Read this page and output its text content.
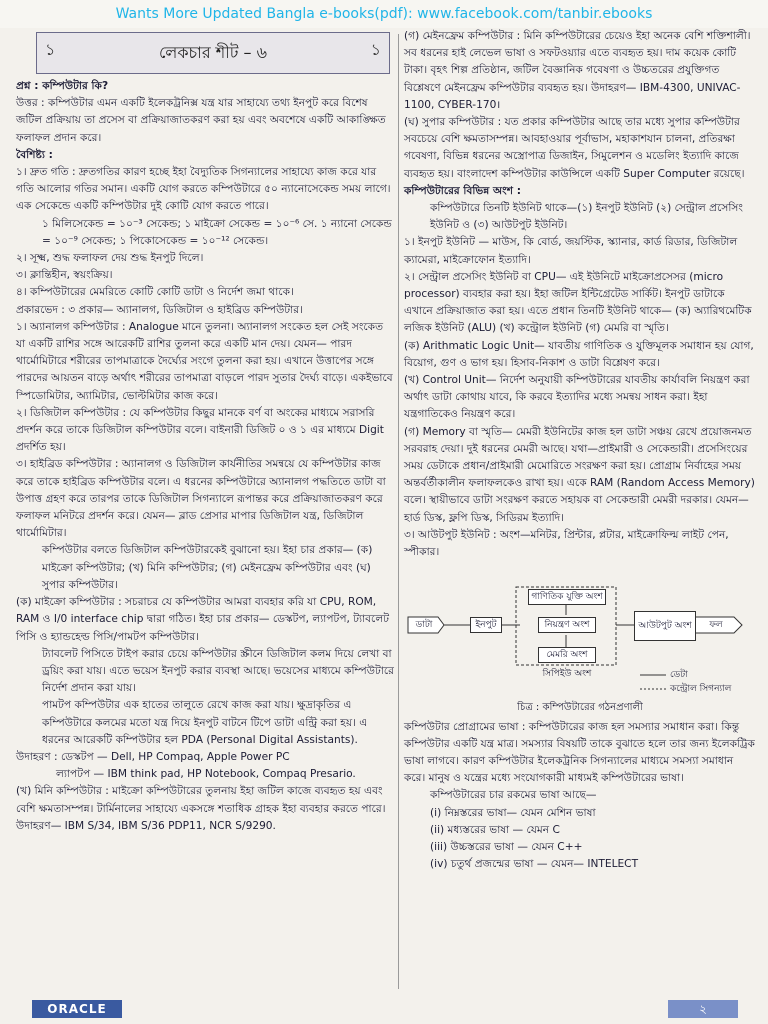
Wants More Updated Bangla e-books(pdf): www.facebook.com/tanbir.ebooks
১	লেকচার শীট – ৬	১

প্রশ্ন : কম্পিউটার কি?

উত্তর : কম্পিউটার এমন একটি ইলেকট্রনিক্স যন্ত্র যার সাহায্যে তথ্য ইনপুট করে বিশেষ জটিল প্রক্রিয়ায় তা প্রসেস বা প্রক্রিয়াজাতকরণ করা হয় এবং অবশেষে একটি আকাঙ্ক্ষিত ফলাফল প্রদান করে।

বৈশিষ্ট্য :

১। দ্রুত গতি : দ্রুতগতির কারণ হচ্ছে ইহা বৈদ্যুতিক সিগন্যালের সাহায্যে কাজ করে যার গতি আলোর গতির সমান। একটি যোগ করতে কম্পিউটারে ৫০ ন্যানোসেকেন্ড সময় লাগে। এক সেকেন্ডে একটি কম্পিউটার দুই কোটি যোগ করতে পারে।

১ মিলিসেকেন্ড = ১০⁻³ সেকেন্ড; ১ মাইক্রো সেকেন্ড = ১০⁻⁶ সে. ১ ন্যানো সেকেন্ড = ১০⁻⁹ সেকেন্ড; ১ পিকোসেকেন্ড = ১০⁻¹² সেকেন্ড।

২। সূক্ষ্ম, শুদ্ধ ফলাফল দেয় শুদ্ধ ইনপুট দিলে।

৩। ক্লান্তিহীন, স্বয়ংক্রিয়।

৪। কম্পিউটারের মেমরিতে কোটি কোটি ডাটা ও নির্দেশ জমা থাকে।

প্রকারভেদ : ৩ প্রকার— অ্যানালগ, ডিজিটাল ও হাইব্রিড কম্পিউটার।

১। অ্যানালগ কম্পিউটার : Analogue মানে তুলনা। অ্যানালগ সংকেত হল সেই সংকেত যা একটি রাশির সঙ্গে আরেকটি রাশির তুলনা করে একটি মান দেয়। যেমন— পারদ থার্মোমিটারে শরীরের তাপমাত্রাকে দৈর্ঘ্যের সংগে তুলনা করা হয়। এখানে উত্তাপের সঙ্গে পারদের আয়তন বাড়ে অর্থাৎ শরীরের তাপমাত্রা বাড়লে পারদ সুতার দৈর্ঘ্য বাড়ে। একইভাবে স্পিডোমিটার, অ্যামিটার, ভোল্টমিটার কাজ করে।

২। ডিজিটাল কম্পিউটার : যে কম্পিউটার কিছুর মানকে বর্ণ বা অংকের মাধ্যমে সরাসরি প্রদর্শন করে তাকে ডিজিটাল কম্পিউটার বলে। বাইনারী ডিজিট ০ ও ১ এর মাধ্যমে Digit প্রদর্শিত হয়।

৩। হাইব্রিড কম্পিউটার : অ্যানালগ ও ডিজিটাল কার্যনীতির সমন্বয়ে যে কম্পিউটার কাজ করে তাকে হাইব্রিড কম্পিউটার বলে। এ ধরনের কম্পিউটারে অ্যানালগ পদ্ধতিতে ডাটা বা উপাত্ত গ্রহণ করে তারপর তাকে ডিজিটাল সিগন্যালে রূপান্তর করে প্রক্রিয়াজাতকরণ করে ফলাফল মনিটরে প্রদর্শন করে। যেমন— ব্লাড প্রেসার মাপার ডিজিটাল যন্ত্র, ডিজিটাল থার্মোমিটার।

কম্পিউটার বলতে ডিজিটাল কম্পিউটারকেই বুঝানো হয়। ইহা চার প্রকার— (ক) মাইক্রো কম্পিউটার; (খ) মিনি কম্পিউটার; (গ) মেইনফ্রেম কম্পিউটার এবং (ঘ) সুপার কম্পিউটার।

(ক) মাইক্রো কম্পিউটার : সচরাচর যে কম্পিউটার আমরা ব্যবহার করি যা CPU, ROM, RAM ও I/0 interface chip দ্বারা গঠিত। ইহা চার প্রকার— ডেস্কটপ, ল্যাপটপ, ট্যাবলেট পিসি ও হ্যান্ডহেল্ড পিসি/পামটপ কম্পিউটার।

ট্যাবলেট পিসিতে টাইপ করার চেয়ে কম্পিউটার স্ক্রীনে ডিজিটাল কলম দিয়ে লেখা বা ড্রয়িং করা যায়। এতে ভয়েস ইনপুট করার ব্যবস্থা আছে। ভয়েসের মাধ্যমে কম্পিউটারে নির্দেশ প্রদান করা যায়।

পামটপ কম্পিউটার এক হাতের তালুতে রেখে কাজ করা যায়। ক্ষুদ্রাকৃতির এ কম্পিউটারে কলমের মতো যন্ত্র দিয়ে ইনপুট বাটনে টিপে ডাটা এন্ট্রি করা হয়। এ ধরনের আরেকটি কম্পিউটার হল PDA (Personal Digital Assistants).

উদাহরণ : ডেস্কটপ — Dell, HP Compaq, Apple Power PC

ল্যাপটপ — IBM think pad, HP Notebook, Compaq Presario.

(খ) মিনি কম্পিউটার : মাইক্রো কম্পিউটারের তুলনায় ইহা জটিল কাজে ব্যবহৃত হয় এবং বেশি ক্ষমতাসম্পন্ন। টার্মিনালের সাহায্যে একসঙ্গে শতাধিক গ্রাহক ইহা ব্যবহার করতে পারে। উদাহরণ— IBM S/34, IBM S/36 PDP11, NCR S/9290.

(গ) মেইনফ্রেম কম্পিউটার : মিনি কম্পিউটারের চেয়েও ইহা অনেক বেশি শক্তিশালী। সব ধরনের হাই লেভেল ভাষা ও সফটওয়্যার এতে ব্যবহৃত হয়। দাম কয়েক কোটি টাকা। বৃহৎ শিল্প প্রতিষ্ঠান, জটিল বৈজ্ঞানিক গবেষণা ও উচ্চতরের প্রযুক্তিগত বিশ্লেষণে মেইনফ্রেম কম্পিউটার ব্যবহৃত হয়। উদাহরণ— IBM-4300, UNIVAC-1100, CYBER-170।

(ঘ) সুপার কম্পিউটার : যত প্রকার কম্পিউটার আছে তার মধ্যে সুপার কম্পিউটার সবচেয়ে বেশি ক্ষমতাসম্পন্ন। আবহাওয়ার পূর্বাভাস, মহাকাশযান চালনা, প্রতিরক্ষা গবেষণা, বিভিন্ন ধরনের অস্ত্রোপাত্র ডিজাইন, সিমুলেশন ও মডেলিং ইত্যাদি কাজে ব্যবহৃত হয়। বাংলাদেশ কম্পিউটার কাউন্সিলে একটি Super Computer রয়েছে।

কম্পিউটারের বিভিন্ন অংশ :

কম্পিউটারে তিনটি ইউনিট থাকে—(১) ইনপুট ইউনিট (২) সেন্ট্রাল প্রসেসিং ইউনিট ও (৩) আউটপুট ইউনিট।

১। ইনপুট ইউনিট — মাউস, কি বোর্ড, জয়স্টিক, স্ক্যানার, কার্ড রিডার, ডিজিটাল ক্যামেরা, মাইক্রোফোন ইত্যাদি।

২। সেন্ট্রাল প্রসেসিং ইউনিট বা CPU— এই ইউনিটে মাইক্রোপ্রসেসর (micro processor) ব্যবহার করা হয়। ইহা জটিল ইন্টিগ্রেটেড সার্কিট। ইনপুট ডাটাকে এখানে প্রক্রিয়াজাত করা হয়। এতে প্রধান তিনটি ইউনিট থাকে— (ক) অ্যারিথমেটিক লজিক ইউনিট (ALU) (খ) কন্ট্রোল ইউনিট (গ) মেমরি বা স্মৃতি।

(ক) Arithmatic Logic Unit— যাবতীয় গাণিতিক ও যুক্তিমূলক সমাধান হয় যোগ, বিয়োগ, গুণ ও ভাগ হয়। হিসাব-নিকাশ ও ডাটা বিশ্লেষণ করে।

(খ) Control Unit— নির্দেশ অনুযায়ী কম্পিউটারের যাবতীয় কার্যাবলি নিয়ন্ত্রণ করা অর্থাৎ ডাটা কোথায় যাবে, কি করবে ইত্যাদির মধ্যে সমন্বয় সাধন করা। ইহা যন্ত্রগাতিকেও নিয়ন্ত্রণ করে।

(গ) Memory বা স্মৃতি— মেমরী ইউনিটের কাজ হল ডাটা সঞ্চয় রেখে প্রয়োজনমত সরবরাহ দেয়া। দুই ধরনের মেমরী আছে। যথা—প্রাইমারী ও সেকেন্ডারী। প্রসেসিংয়ের সময় ডেটাকে প্রধান/প্রাইমারী মেমোরিতে সংরক্ষণ করা হয়। প্রোগ্রাম নির্বাহের সময় অন্তর্বর্তীকালীন ফলাফলকেও রাখা হয়। একে RAM (Random Access Memory) বলে। স্থায়ীভাবে ডাটা সংরক্ষণ করতে সহায়ক বা সেকেন্ডারী মেমরী দরকার। যেমন— হার্ড ডিস্ক, ফ্লপি ডিস্ক, সিডিরম ইত্যাদি।

৩। আউটপুট ইউনিট : অংশ—মনিটর, প্রিন্টার, প্লটার, মাইক্রোফিল্ম লাইট পেন, স্পীকার।

ডাটা	ইনপুট
গাণিতিক যুক্তি অংশ
নিয়ন্ত্রণ অংশ
মেমরি অংশ
সিপিইউ অংশ
আউটপুট অংশ	ফল
ডেটা
কন্ট্রোল সিগন্যাল

চিত্র : কম্পিউটারের গঠনপ্রণালী

কম্পিউটার প্রোগ্রামের ভাষা : কম্পিউটারের কাজ হল সমস্যার সমাধান করা। কিন্তু কম্পিউটার একটি যন্ত্র মাত্র। সমস্যার বিষয়টি তাকে বুঝাতে হলে তার জন্য ইলেকট্রিক ভাষা লাগবে। কারণ কম্পিউটার ইলেকট্রনিক সিগন্যালের মাধ্যমে সমস্যা সমাধান করে। মানুষ ও যন্ত্রের মধ্যে সংযোগকারী মাধ্যমই কম্পিউটারের ভাষা।

কম্পিউটারের চার রকমের ভাষা আছে—

(i) নিম্নস্তরের ভাষা— যেমন মেশিন ভাষা

(ii) মধ্যস্তরের ভাষা — যেমন C

(iii) উচ্চস্তরের ভাষা — যেমন C++

(iv) চতুর্থ প্রজন্মের ভাষা — যেমন— INTELECT

ORACLE	২
